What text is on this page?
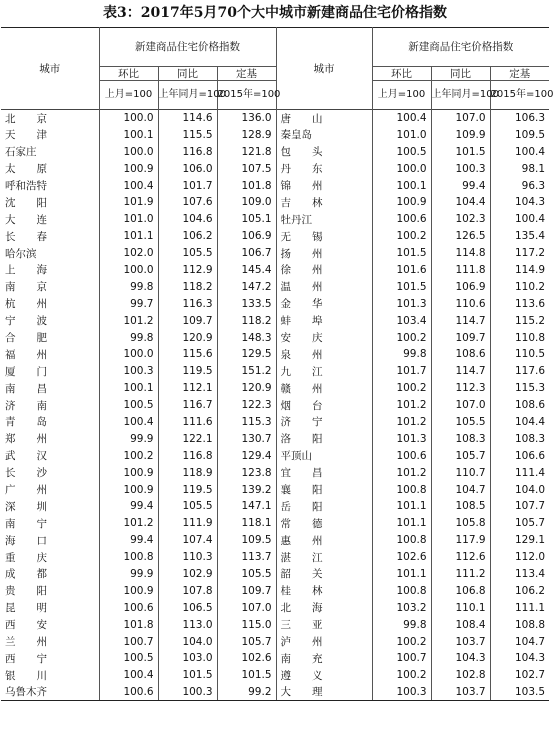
表3：2017年5月70个大中城市新建商品住宅价格指数
城市	新建商品住宅价格指数			城市	新建商品住宅价格指数		
	环比	同比	定基		环比	同比	定基
	上月=100	上年同月=100	2015年=100		上月=100	上年同月=100	2015年=100
北　　京	100.0	114.6	136.0	唐　　山	100.4	107.0	106.3
天　　津	100.1	115.5	128.9	秦皇岛	101.0	109.9	109.5
石家庄	100.0	116.8	121.8	包　　头	100.5	101.5	100.4
太　　原	100.9	106.0	107.5	丹　　东	100.0	100.3	98.1
呼和浩特	100.4	101.7	101.8	锦　　州	100.1	99.4	96.3
沈　　阳	101.9	107.6	109.0	吉　　林	100.9	104.4	104.3
大　　连	101.0	104.6	105.1	牡丹江	100.6	102.3	100.4
长　　春	101.1	106.2	106.9	无　　锡	100.2	126.5	135.4
哈尔滨	102.0	105.5	106.7	扬　　州	101.5	114.8	117.2
上　　海	100.0	112.9	145.4	徐　　州	101.6	111.8	114.9
南　　京	99.8	118.2	147.2	温　　州	101.5	106.9	110.2
杭　　州	99.7	116.3	133.5	金　　华	101.3	110.6	113.6
宁　　波	101.2	109.7	118.2	蚌　　埠	103.4	114.7	115.2
合　　肥	99.8	120.9	148.3	安　　庆	100.2	109.7	110.8
福　　州	100.0	115.6	129.5	泉　　州	99.8	108.6	110.5
厦　　门	100.3	119.5	151.2	九　　江	101.7	114.7	117.6
南　　昌	100.1	112.1	120.9	赣　　州	100.2	112.3	115.3
济　　南	100.5	116.7	122.3	烟　　台	101.2	107.0	108.6
青　　岛	100.4	111.6	115.3	济　　宁	101.2	105.5	104.4
郑　　州	99.9	122.1	130.7	洛　　阳	101.3	108.3	108.3
武　　汉	100.2	116.8	129.4	平顶山	100.6	105.7	106.6
长　　沙	100.9	118.9	123.8	宜　　昌	101.2	110.7	111.4
广　　州	100.9	119.5	139.2	襄　　阳	100.8	104.7	104.0
深　　圳	99.4	105.5	147.1	岳　　阳	101.1	108.5	107.7
南　　宁	101.2	111.9	118.1	常　　德	101.1	105.8	105.7
海　　口	99.4	107.4	109.5	惠　　州	100.8	117.9	129.1
重　　庆	100.8	110.3	113.7	湛　　江	102.6	112.6	112.0
成　　都	99.9	102.9	105.5	韶　　关	101.1	111.2	113.4
贵　　阳	100.9	107.8	109.7	桂　　林	100.8	106.8	106.2
昆　　明	100.6	106.5	107.0	北　　海	103.2	110.1	111.1
西　　安	101.8	113.0	115.0	三　　亚	99.8	108.4	108.8
兰　　州	100.7	104.0	105.7	泸　　州	100.2	103.7	104.7
西　　宁	100.5	103.0	102.6	南　　充	100.7	104.3	104.3
银　　川	100.4	101.5	101.5	遵　　义	100.2	102.8	102.7
乌鲁木齐	100.6	100.3	99.2	大　　理	100.3	103.7	103.5
